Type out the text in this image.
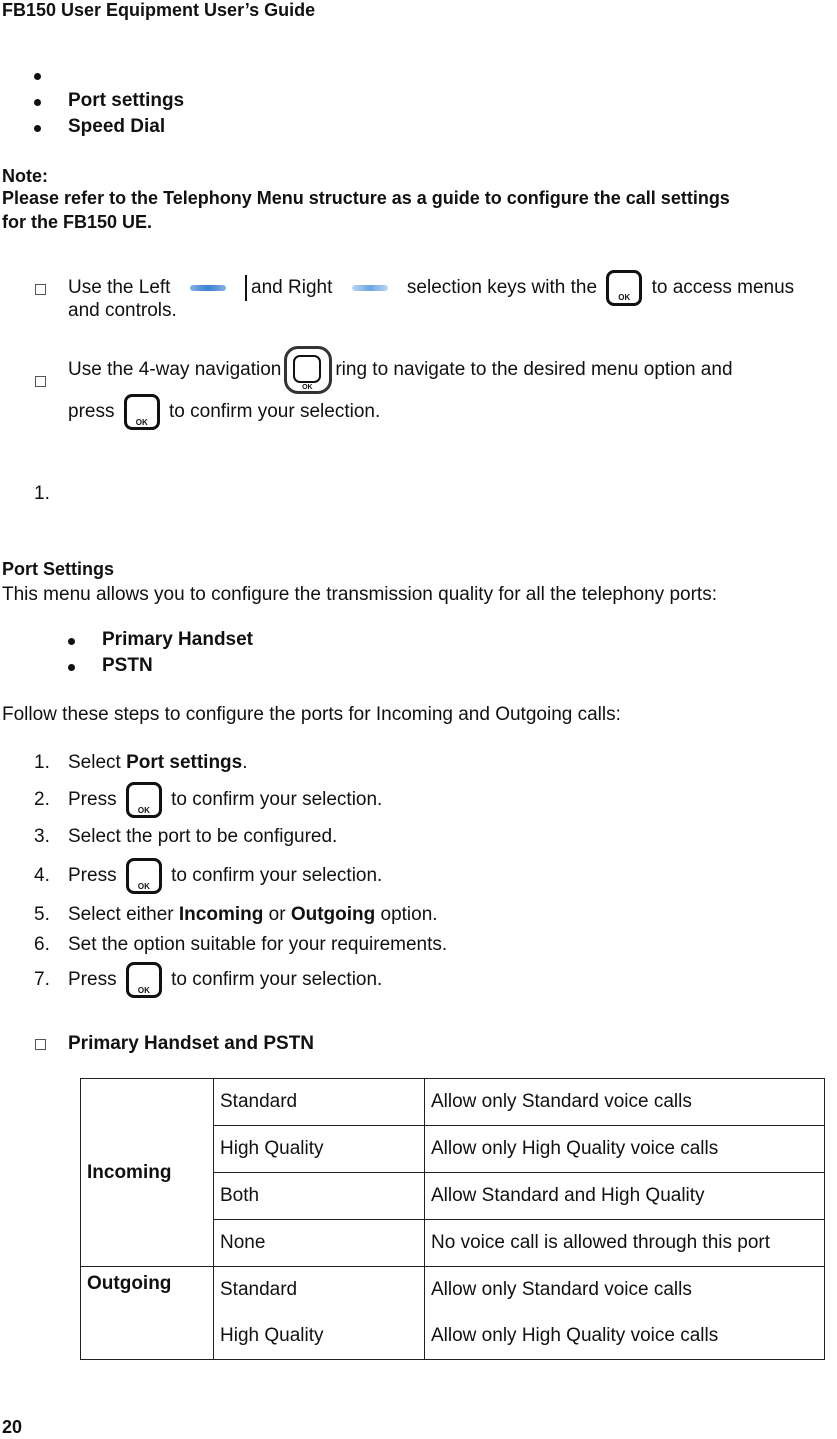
FB150 User Equipment User’s Guide
Port settings
Speed Dial
Note:
Please refer to the Telephony Menu structure as a guide to configure the call settings
for the FB150 UE.
Use the Left	and Right	selection keys with the	OK	to access menus
and controls.
Use the 4-way navigation
OK
ring to navigate to the desired menu option and
press
OK
to confirm your selection.
1.
Port Settings
This menu allows you to configure the transmission quality for all the telephony ports:
Primary Handset
PSTN
Follow these steps to configure the ports for Incoming and Outgoing calls:
1. Select Port settings.
2. Press
OK
to confirm your selection.
3. Select the port to be configured.
4. Press
OK
to confirm your selection.
5. Select either Incoming or Outgoing option.
6. Set the option suitable for your requirements.
7. Press
OK
to confirm your selection.
Primary Handset and PSTN
Incoming	Standard	Allow only Standard voice calls
	High Quality	Allow only High Quality voice calls
	Both	Allow Standard and High Quality
	None	No voice call is allowed through this port
Outgoing	Standard	Allow only Standard voice calls
	High Quality	Allow only High Quality voice calls
20
